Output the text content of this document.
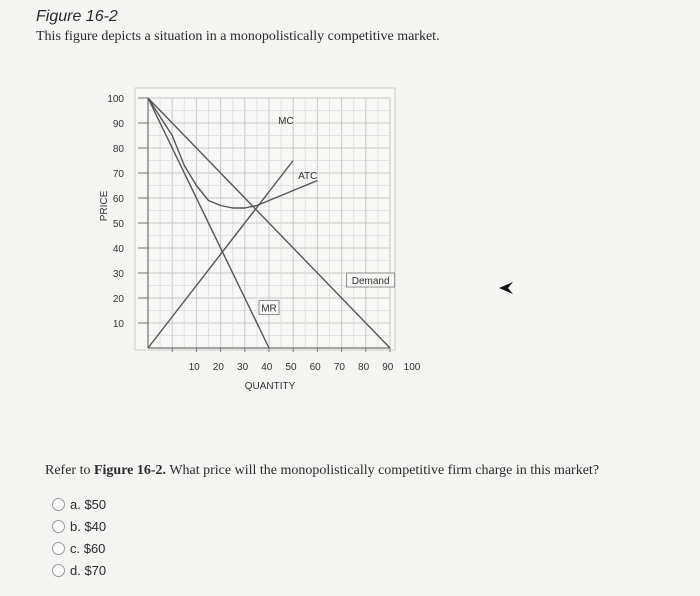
Figure 16-2
This figure depicts a situation in a monopolistically competitive market.
10
20
30
40
50
60
70
80
90
100
10 20 30 40 50 60 70 80 90 100
Demand
MR
MC
ATC
PRICE
QUANTITY
Refer to Figure 16-2. What price will the monopolistically competitive firm charge in this market?
a. $50
b. $40
c. $60
d. $70
